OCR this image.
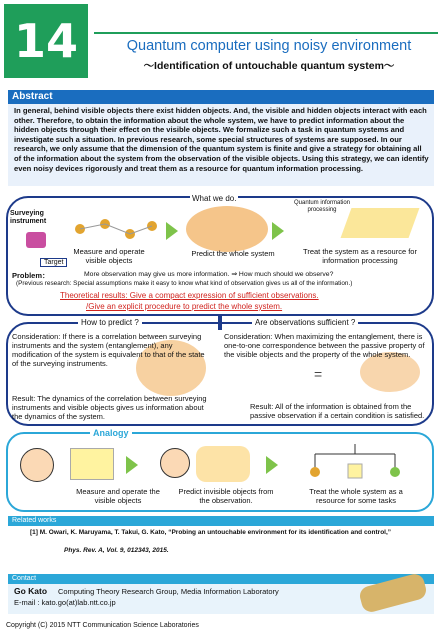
14	Quantum computer using noisy environment
〜Identification of untouchable quantum system〜
Abstract
In general, behind visible objects there exist hidden objects. And, the visible and hidden objects interact with each other. Therefore, to obtain the information about the whole system, we have to predict information about the hidden objects through their effect on the visible objects. We formalize such a task in quantum systems and investigate such a situation. In previous research, some special structures of systems are supposed. In our research, we only assume that the dimension of the quantum system is finite and give a strategy for obtaining all of the information about the system from the observation of the visible objects. Using this strategy, we can identify even noisy devices rigorously and treat them as a resource for quantum information processing.
What we do.
Surveying instrument
Quantum information processing
Measure and operate visible objects
Predict the whole system	Treat the system as a resource for information processing
Target
Problem：	More observation may give us more information. ⇒ How much should we observe?
(Previous research: Special assumptions make it easy to know what kind of observation gives us all of the information.)
Theoretical results: Give a compact expression of sufficient observations.
/Give an explicit procedure to predict the whole system.
How to predict ?	Are observations sufficient ?
Consideration: If there is a correlation between surveying instruments and the system (entanglement), any modification of the system is equivalent to that of the state of the surveying instruments.
Result: The dynamics of the correlation between surveying instruments and visible objects gives us information about the dynamics of the system.
Consideration: When maximizing the entanglement, there is one-to-one correspondence between the passive property of the visible objects and the property of the whole system.
=
Result: All of the information is obtained from the passive observation if a certain condition is satisfied.
Analogy
Measure and operate the visible objects
Predict invisible objects from the observation.
Treat the whole system as a resource for some tasks
Related works
[1] M. Owari, K. Maruyama, T. Takui, G. Kato, “Probing an untouchable environment for its identification and control,”
Phys. Rev. A, Vol. 9, 012343, 2015.
Contact
Go Kato Computing Theory Research Group, Media Information Laboratory
E-mail : kato.go(at)lab.ntt.co.jp
Copyright (C) 2015 NTT Communication Science Laboratories
